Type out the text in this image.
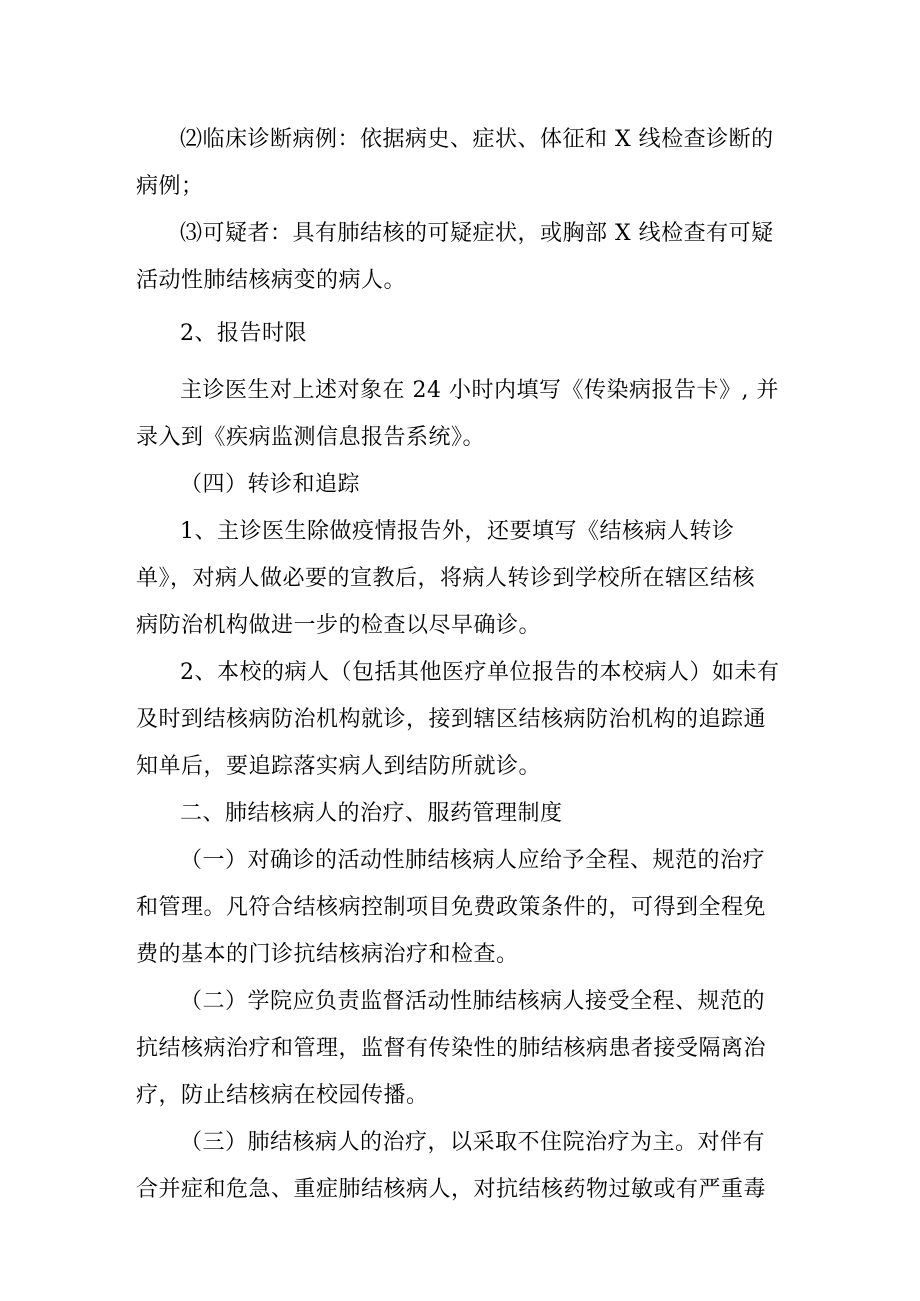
⑵临床诊断病例：依据病史、症状、体征和 X 线检查诊断的
病例；

⑶可疑者：具有肺结核的可疑症状，或胸部 X 线检查有可疑
活动性肺结核病变的病人。

2、报告时限

主诊医生对上述对象在 24 小时内填写《传染病报告卡》, 并
录入到《疾病监测信息报告系统》。

（四）转诊和追踪

1、主诊医生除做疫情报告外，还要填写《结核病人转诊
单》，对病人做必要的宣教后，将病人转诊到学校所在辖区结核
病防治机构做进一步的检查以尽早确诊。

2、本校的病人（包括其他医疗单位报告的本校病人）如未有
及时到结核病防治机构就诊，接到辖区结核病防治机构的追踪通
知单后，要追踪落实病人到结防所就诊。

二、肺结核病人的治疗、服药管理制度

（一）对确诊的活动性肺结核病人应给予全程、规范的治疗
和管理。凡符合结核病控制项目免费政策条件的，可得到全程免
费的基本的门诊抗结核病治疗和检查。

（二）学院应负责监督活动性肺结核病人接受全程、规范的
抗结核病治疗和管理，监督有传染性的肺结核病患者接受隔离治
疗，防止结核病在校园传播。

（三）肺结核病人的治疗，以采取不住院治疗为主。对伴有
合并症和危急、重症肺结核病人，对抗结核药物过敏或有严重毒
